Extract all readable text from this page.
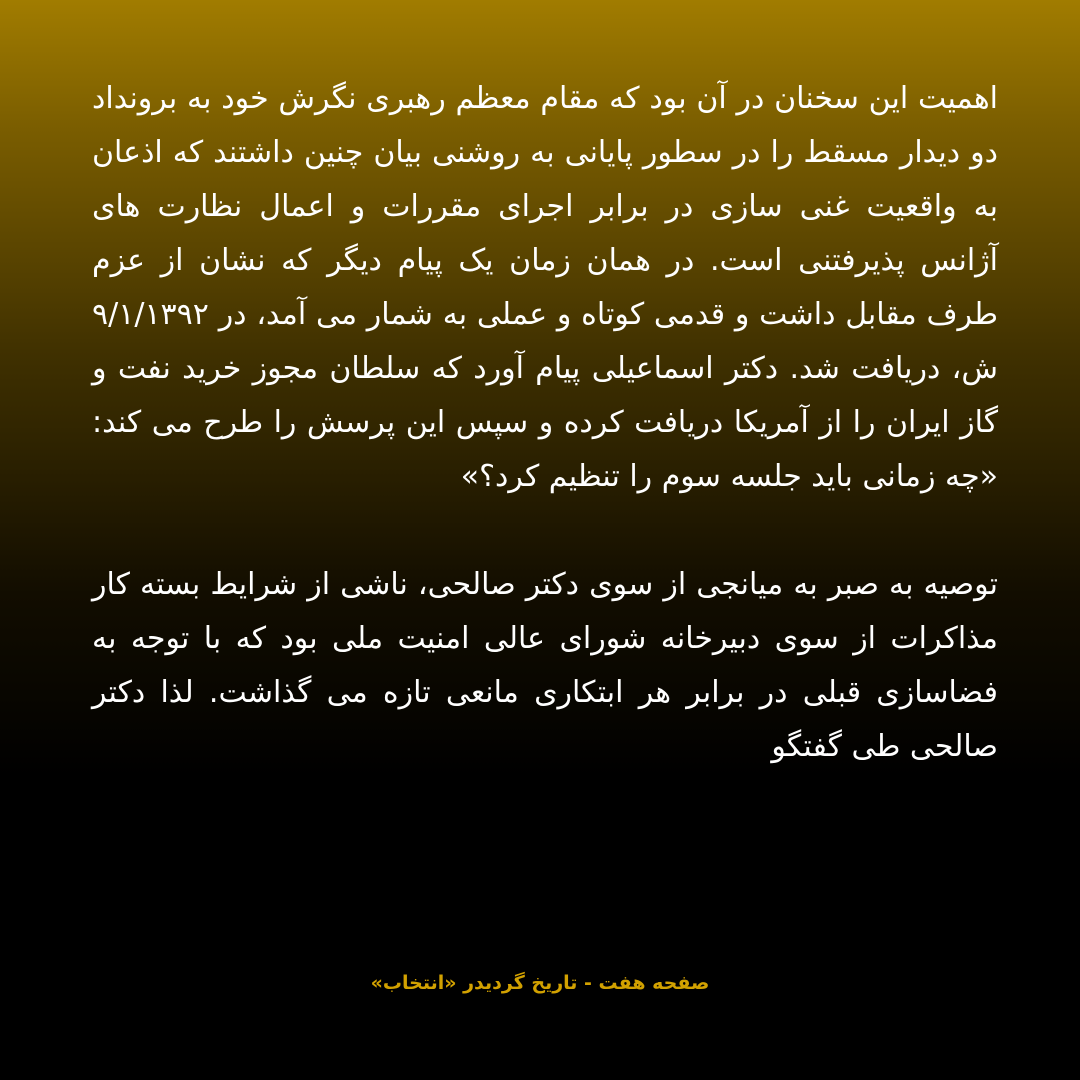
اهمیت این سخنان در آن بود که مقام معظم رهبری نگرش خود به برونداد دو دیدار مسقط را در سطور پایانی به روشنی بیان چنین داشتند که اذعان به واقعیت غنی سازی در برابر اجرای مقررات و اعمال نظارت های آژانس پذیرفتنی است. در همان زمان یک پیام دیگر که نشان از عزم طرف مقابل داشت و قدمی کوتاه و عملی به شمار می آمد، در ۹/۱/۱۳۹۲ ش، دریافت شد. دکتر اسماعیلی پیام آورد که سلطان مجوز خرید نفت و گاز ایران را از آمریکا دریافت کرده و سپس این پرسش را طرح می کند: «چه زمانی باید جلسه سوم را تنظیم کرد؟»

توصیه به صبر به میانجی از سوی دکتر صالحی، ناشی از شرایط بسته کار مذاکرات از سوی دبیرخانه شورای عالی امنیت ملی بود که با توجه به فضاسازی قبلی در برابر هر ابتکاری مانعی تازه می گذاشت. لذا دکتر صالحی طی گفتگو

صفحه هفت - تاریخ گردیدر «انتخاب»
